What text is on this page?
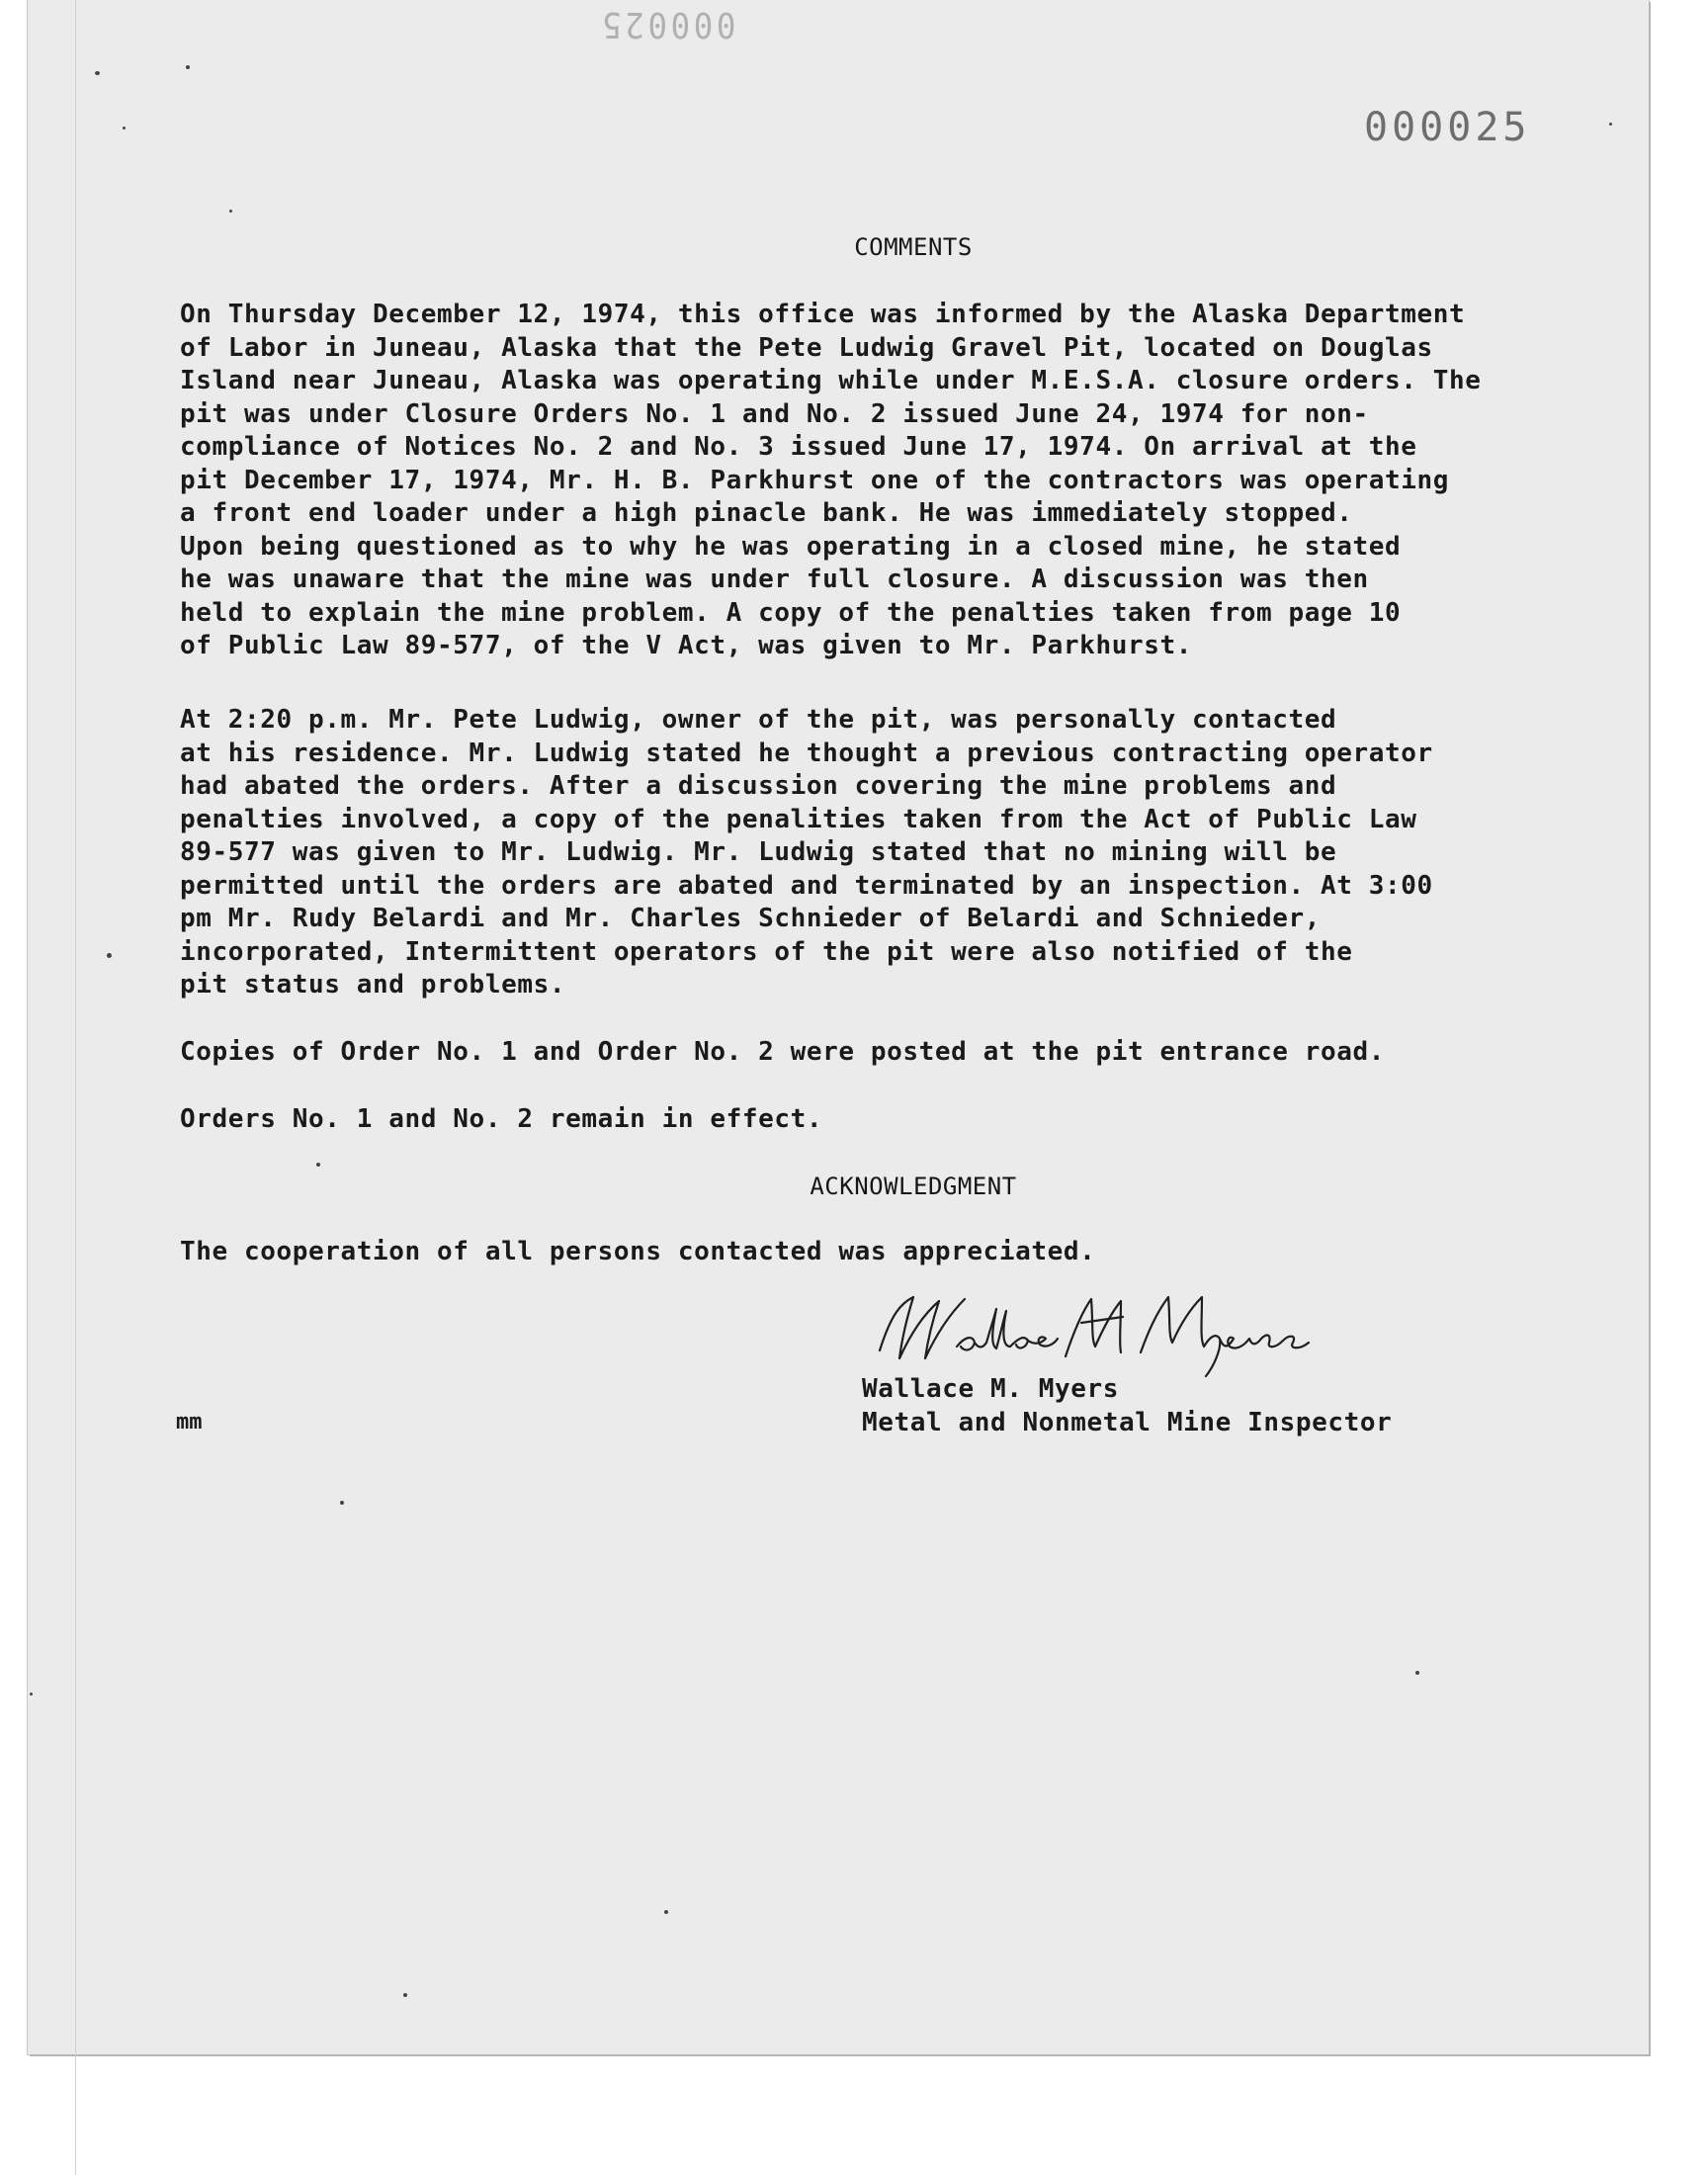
000025
000025
COMMENTS

On Thursday December 12, 1974, this office was informed by the Alaska Department
of Labor in Juneau, Alaska that the Pete Ludwig Gravel Pit, located on Douglas
Island near Juneau, Alaska was operating while under M.E.S.A. closure orders. The
pit was under Closure Orders No. 1 and No. 2 issued June 24, 1974 for non-
compliance of Notices No. 2 and No. 3 issued June 17, 1974. On arrival at the
pit December 17, 1974, Mr. H. B. Parkhurst one of the contractors was operating
a front end loader under a high pinacle bank. He was immediately stopped.
Upon being questioned as to why he was operating in a closed mine, he stated
he was unaware that the mine was under full closure. A discussion was then
held to explain the mine problem. A copy of the penalties taken from page 10
of Public Law 89-577, of the V Act, was given to Mr. Parkhurst.

At 2:20 p.m. Mr. Pete Ludwig, owner of the pit, was personally contacted
at his residence. Mr. Ludwig stated he thought a previous contracting operator
had abated the orders. After a discussion covering the mine problems and
penalties involved, a copy of the penalities taken from the Act of Public Law
89-577 was given to Mr. Ludwig. Mr. Ludwig stated that no mining will be
permitted until the orders are abated and terminated by an inspection. At 3:00
pm Mr. Rudy Belardi and Mr. Charles Schnieder of Belardi and Schnieder,
incorporated, Intermittent operators of the pit were also notified of the
pit status and problems.

Copies of Order No. 1 and Order No. 2 were posted at the pit entrance road.

Orders No. 1 and No. 2 remain in effect.

ACKNOWLEDGMENT

The cooperation of all persons contacted was appreciated.

Wallace M. Myers
Metal and Nonmetal Mine Inspector
mm
